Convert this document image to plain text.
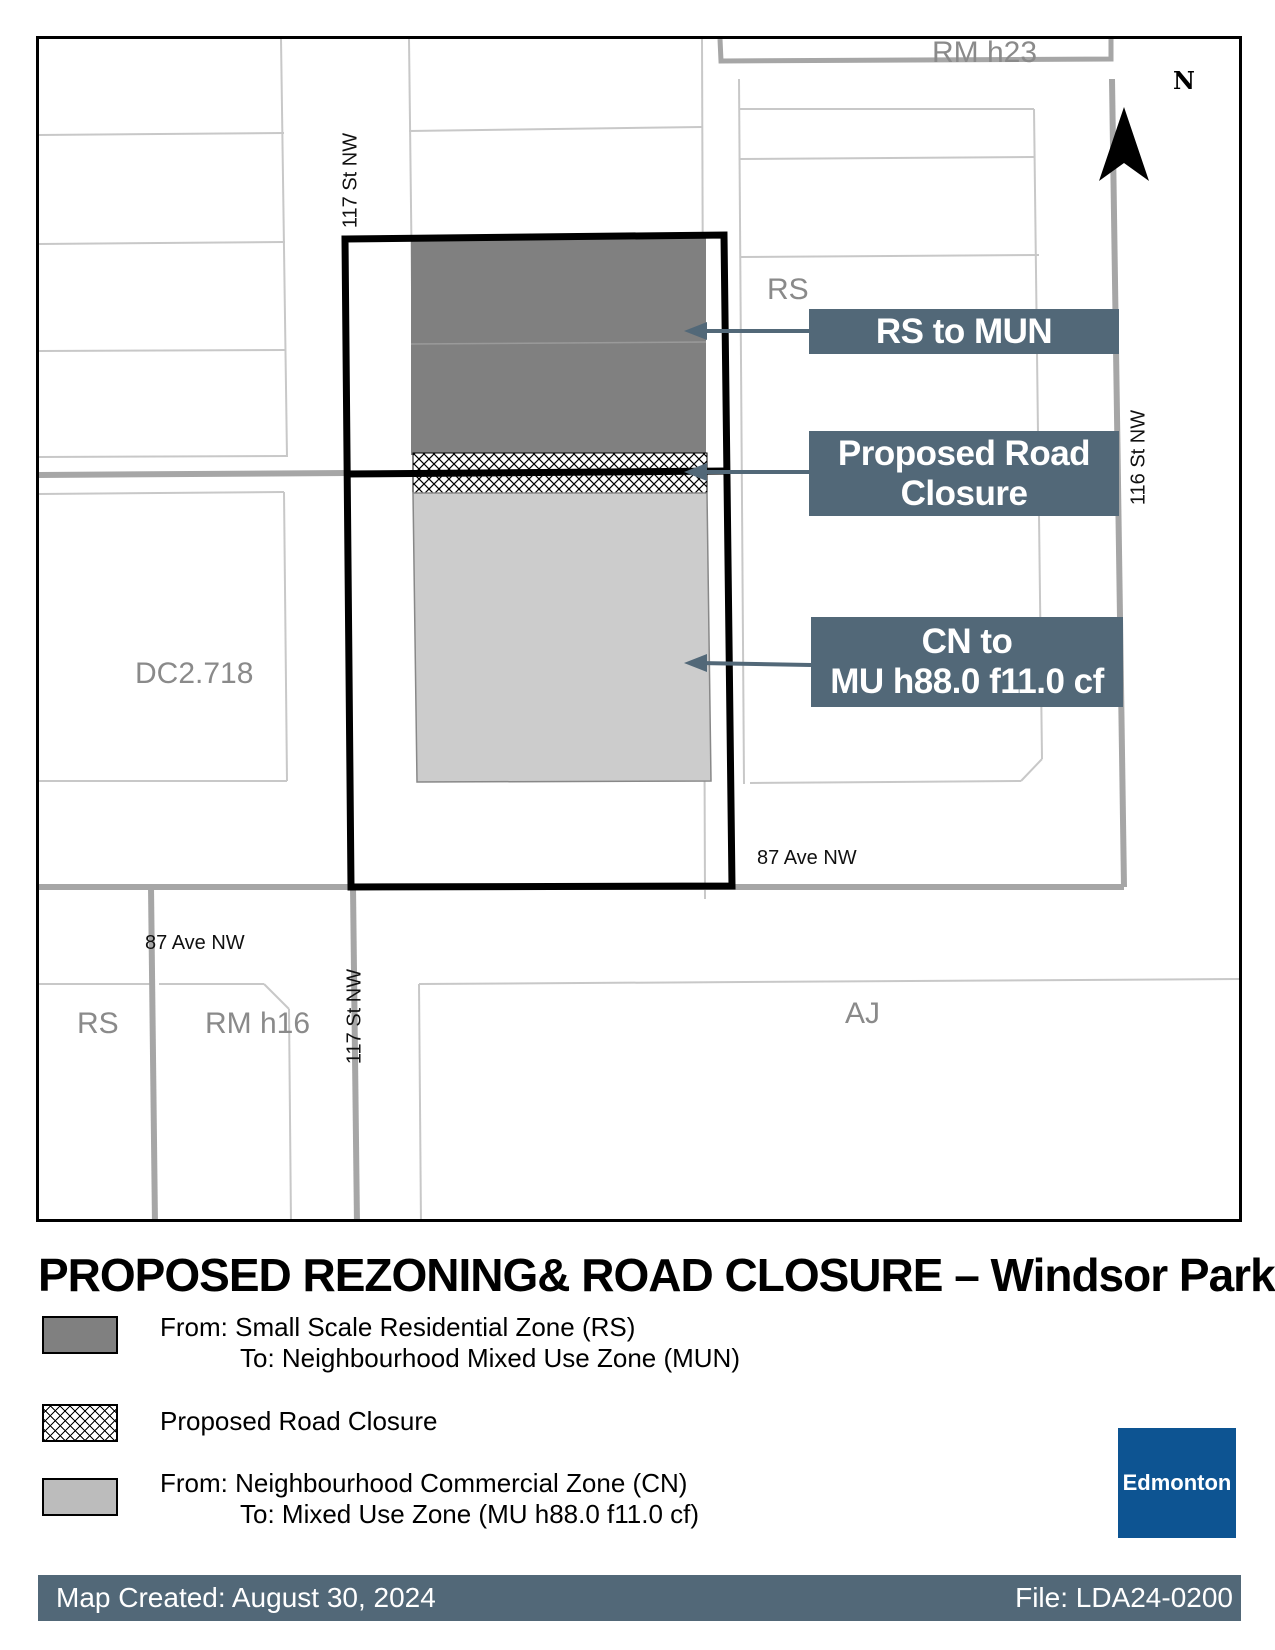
RM h23
RS
DC2.718
RS	RM h16	AJ
117 St NW
117 St NW
116 St NW
87 Ave NW
87 Ave NW
RS to MUN
Proposed Road
Closure
CN to
MU h88.0 f11.0 cf
N
PROPOSED REZONING& ROAD CLOSURE – Windsor Park
From: Small Scale Residential Zone (RS)
To: Neighbourhood Mixed Use Zone (MUN)
Proposed Road Closure
From: Neighbourhood Commercial Zone (CN)
To: Mixed Use Zone (MU h88.0 f11.0 cf)
Edmonton
Map Created: August 30, 2024	File: LDA24-0200
